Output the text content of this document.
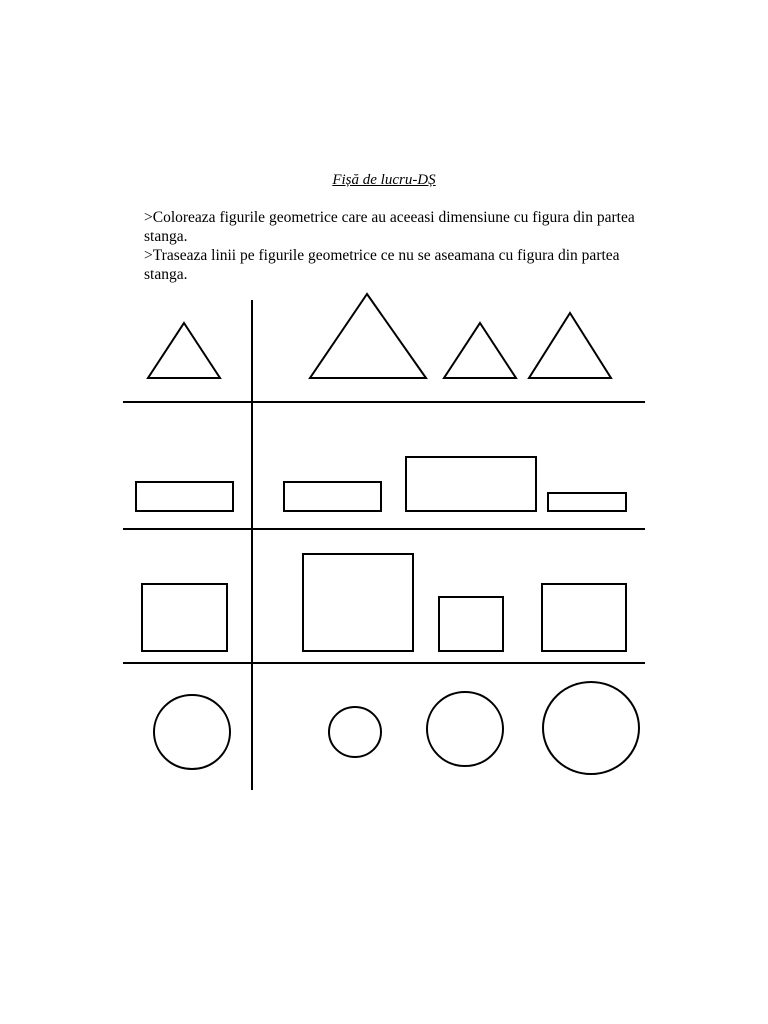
Fișă de lucru-DȘ

>Coloreaza figurile geometrice care au aceeasi dimensiune cu figura din partea stanga.

>Traseaza linii pe figurile geometrice ce nu se aseamana cu figura din partea stanga.
